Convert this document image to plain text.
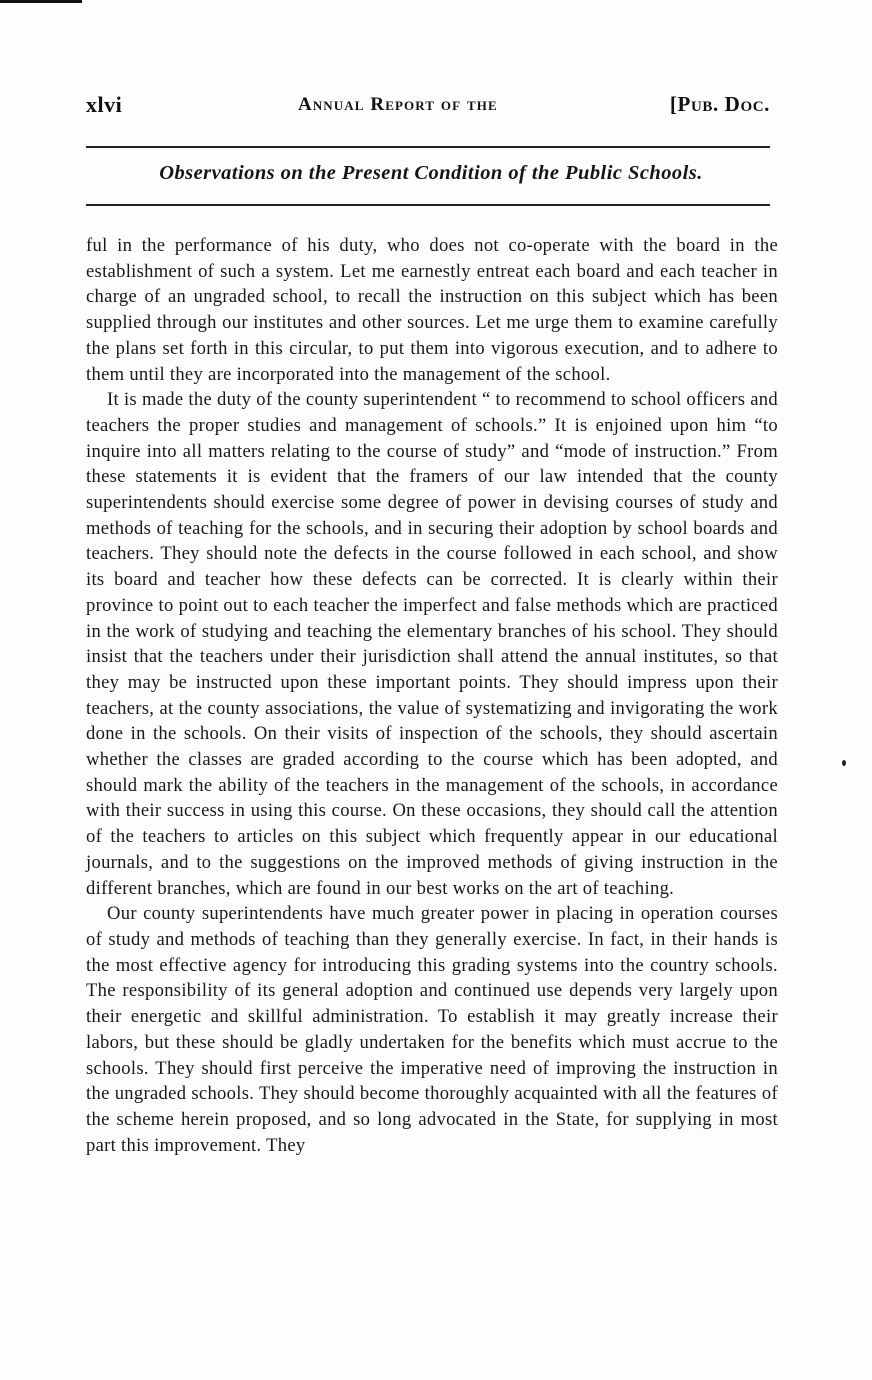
xlvi	Annual Report of the	[Pub. Doc.
Observations on the Present Condition of the Public Schools.

ful in the performance of his duty, who does not co-operate with the board in the establishment of such a system. Let me earnestly entreat each board and each teacher in charge of an ungraded school, to recall the instruction on this subject which has been supplied through our institutes and other sources. Let me urge them to examine carefully the plans set forth in this circular, to put them into vigorous execution, and to adhere to them until they are incorporated into the management of the school.

It is made the duty of the county superintendent “ to recommend to school officers and teachers the proper studies and management of schools.” It is enjoined upon him “to inquire into all matters relating to the course of study” and “mode of instruction.” From these statements it is evident that the framers of our law intended that the county superintendents should exercise some degree of power in devising courses of study and methods of teaching for the schools, and in securing their adoption by school boards and teachers. They should note the defects in the course followed in each school, and show its board and teacher how these defects can be corrected. It is clearly within their province to point out to each teacher the imperfect and false methods which are practiced in the work of studying and teaching the elementary branches of his school. They should insist that the teachers under their jurisdiction shall attend the annual institutes, so that they may be instructed upon these important points. They should impress upon their teachers, at the county associations, the value of systematizing and invigorating the work done in the schools. On their visits of inspection of the schools, they should ascertain whether the classes are graded according to the course which has been adopted, and should mark the ability of the teachers in the management of the schools, in accordance with their success in using this course. On these occasions, they should call the attention of the teachers to articles on this subject which frequently appear in our educational journals, and to the suggestions on the improved methods of giving instruction in the different branches, which are found in our best works on the art of teaching.

Our county superintendents have much greater power in placing in operation courses of study and methods of teaching than they generally exercise. In fact, in their hands is the most effective agency for introducing this grading systems into the country schools. The responsibility of its general adoption and continued use depends very largely upon their energetic and skillful administration. To establish it may greatly increase their labors, but these should be gladly undertaken for the benefits which must accrue to the schools. They should first perceive the imperative need of improving the instruction in the ungraded schools. They should become thoroughly acquainted with all the features of the scheme herein proposed, and so long advocated in the State, for supplying in most part this improvement. They
